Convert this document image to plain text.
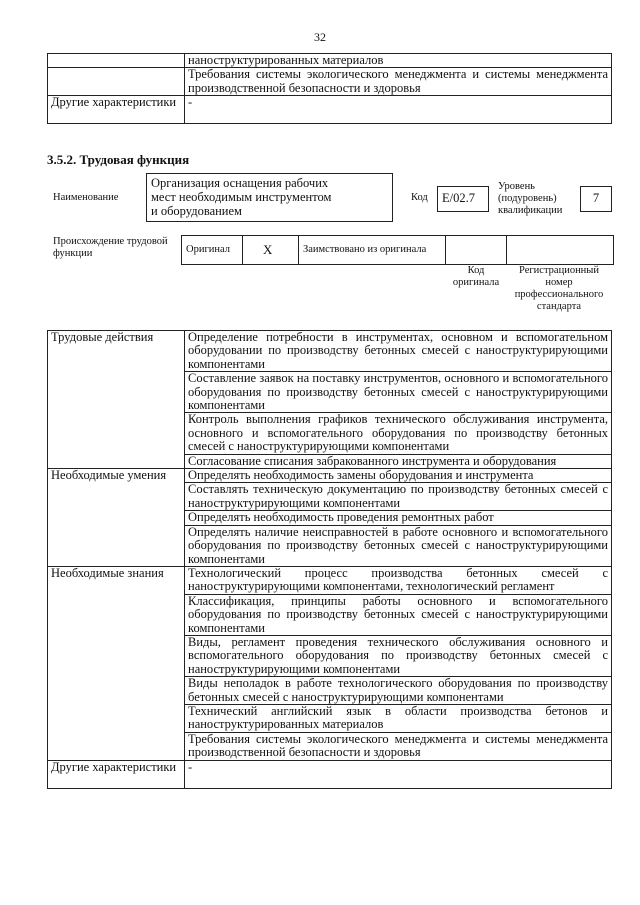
32
	наноструктурированных материалов
	Требования системы экологического менеджмента и системы менеджмента производственной безопасности и здоровья
Другие характеристики	-
3.5.2. Трудовая функция
Наименование
Организация оснащения рабочих мест необходимым инструментом и оборудованием
Код	E/02.7
Уровень (подуровень) квалификации
7
Происхождение трудовой функции	Оригинал	X	Заимствовано из оригинала
Код оригинала
Регистрационный номер профессионального стандарта
Трудовые действия	Определение потребности в инструментах, основном и вспомогательном оборудовании по производству бетонных смесей с наноструктурирующими компонентами
	Составление заявок на поставку инструментов, основного и вспомогательного оборудования по производству бетонных смесей с наноструктурирующими компонентами
	Контроль выполнения графиков технического обслуживания инструмента, основного и вспомогательного оборудования по производству бетонных смесей с наноструктурирующими компонентами
	Согласование списания забракованного инструмента и оборудования
Необходимые умения	Определять необходимость замены оборудования и инструмента
	Составлять техническую документацию по производству бетонных смесей с наноструктурирующими компонентами
	Определять необходимость проведения ремонтных работ
	Определять наличие неисправностей в работе основного и вспомогательного оборудования по производству бетонных смесей с наноструктурирующими компонентами
Необходимые знания	Технологический процесс производства бетонных смесей с наноструктурирующими компонентами, технологический регламент
	Классификация, принципы работы основного и вспомогательного оборудования по производству бетонных смесей с наноструктурирующими компонентами
	Виды, регламент проведения технического обслуживания основного и вспомогательного оборудования по производству бетонных смесей с наноструктурирующими компонентами
	Виды неполадок в работе технологического оборудования по производству бетонных смесей с наноструктурирующими компонентами
	Технический английский язык в области производства бетонов и наноструктурированных материалов
	Требования системы экологического менеджмента и системы менеджмента производственной безопасности и здоровья
Другие характеристики	-
